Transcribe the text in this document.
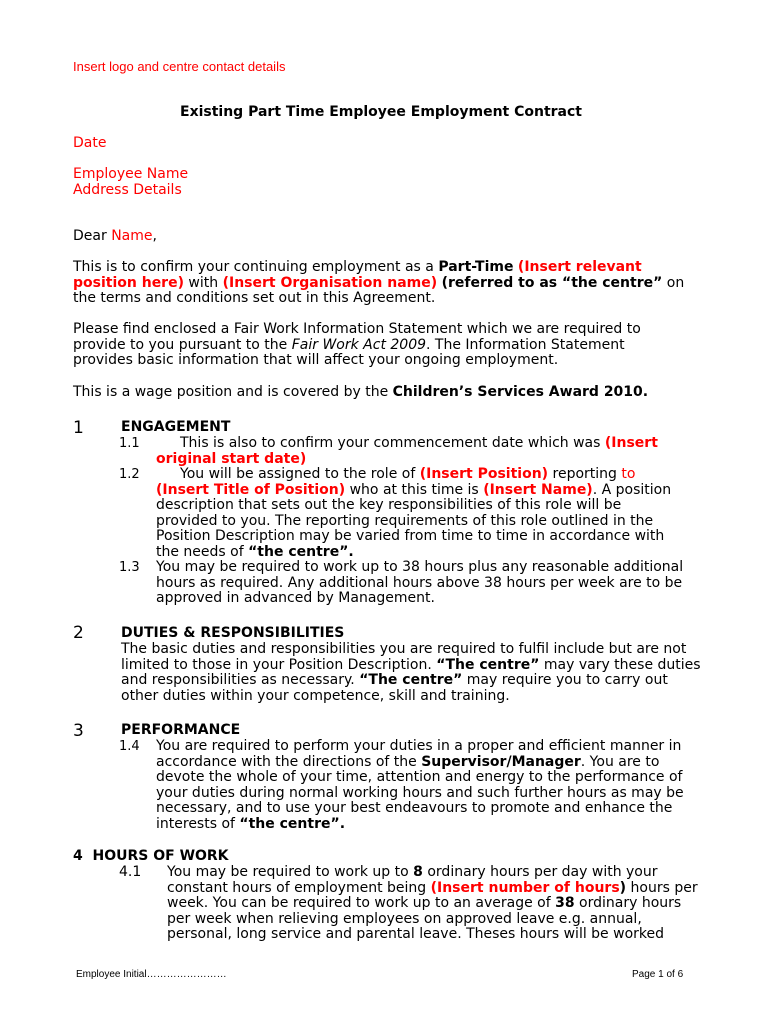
Insert logo and centre contact details
Existing Part Time Employee Employment Contract
Date
Employee Name
Address Details
Dear Name,
This is to confirm your continuing employment as a Part-Time (Insert relevant position here) with (Insert Organisation name) (referred to as “the centre” on the terms and conditions set out in this Agreement.
Please find enclosed a Fair Work Information Statement which we are required to provide to you pursuant to the Fair Work Act 2009. The Information Statement provides basic information that will affect your ongoing employment.
This is a wage position and is covered by the Children’s Services Award 2010.
1	ENGAGEMENT
1.1	This is also to confirm your commencement date which was (Insert original start date)
1.2	You will be assigned to the role of (Insert Position) reporting to
(Insert Title of Position) who at this time is (Insert Name). A position description that sets out the key responsibilities of this role will be provided to you. The reporting requirements of this role outlined in the Position Description may be varied from time to time in accordance with the needs of “the centre”.
1.3 You may be required to work up to 38 hours plus any reasonable additional hours as required. Any additional hours above 38 hours per week are to be approved in advanced by Management.
2	DUTIES & RESPONSIBILITIES
The basic duties and responsibilities you are required to fulfil include but are not limited to those in your Position Description. “The centre” may vary these duties and responsibilities as necessary. “The centre” may require you to carry out other duties within your competence, skill and training.
3	PERFORMANCE
1.4 You are required to perform your duties in a proper and efficient manner in accordance with the directions of the Supervisor/Manager. You are to devote the whole of your time, attention and energy to the performance of your duties during normal working hours and such further hours as may be necessary, and to use your best endeavours to promote and enhance the interests of “the centre”.
4 HOURS OF WORK
4.1 You may be required to work up to 8 ordinary hours per day with your constant hours of employment being (Insert number of hours) hours per week. You can be required to work up to an average of 38 ordinary hours per week when relieving employees on approved leave e.g. annual, personal, long service and parental leave. Theses hours will be worked
Employee Initial……………………	Page 1 of 6
